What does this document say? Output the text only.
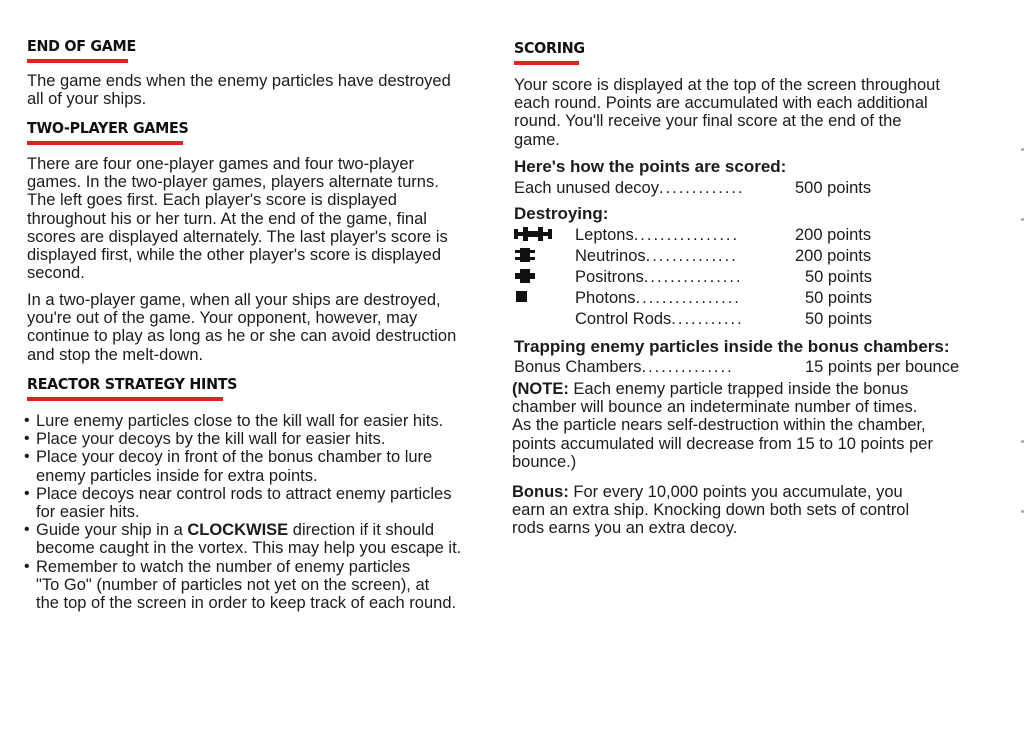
END OF GAME
The game ends when the enemy particles have destroyed
all of your ships.
TWO-PLAYER GAMES
There are four one-player games and four two-player
games. In the two-player games, players alternate turns.
The left goes first. Each player's score is displayed
throughout his or her turn. At the end of the game, final
scores are displayed alternately. The last player's score is
displayed first, while the other player's score is displayed
second.
In a two-player game, when all your ships are destroyed,
you're out of the game. Your opponent, however, may
continue to play as long as he or she can avoid destruction
and stop the melt-down.
REACTOR STRATEGY HINTS
• Lure enemy particles close to the kill wall for easier hits.
• Place your decoys by the kill wall for easier hits.
• Place your decoy in front of the bonus chamber to lure
enemy particles inside for extra points.
• Place decoys near control rods to attract enemy particles
for easier hits.
• Guide your ship in a CLOCKWISE direction if it should
become caught in the vortex. This may help you escape it.
• Remember to watch the number of enemy particles
"To Go" (number of particles not yet on the screen), at
the top of the screen in order to keep track of each round.
SCORING
Your score is displayed at the top of the screen throughout
each round. Points are accumulated with each additional
round. You'll receive your final score at the end of the
game.
Here's how the points are scored:
Each unused decoy.............	500 points
Destroying:
Leptons................	200 points
Neutrinos..............	200 points
Positrons...............	50 points
Photons................	50 points
Control Rods...........	50 points
Trapping enemy particles inside the bonus chambers:
Bonus Chambers..............	15 points per bounce
(NOTE: Each enemy particle trapped inside the bonus
chamber will bounce an indeterminate number of times.
As the particle nears self-destruction within the chamber,
points accumulated will decrease from 15 to 10 points per
bounce.)
Bonus: For every 10,000 points you accumulate, you
earn an extra ship. Knocking down both sets of control
rods earns you an extra decoy.
